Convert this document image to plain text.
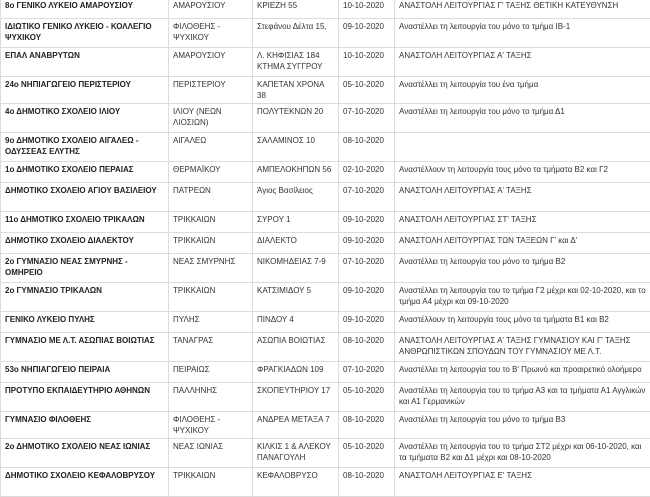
8ο ΓΕΝΙΚΟ ΛΥΚΕΙΟ ΑΜΑΡΟΥΣΙΟΥ	ΑΜΑΡΟΥΣΙΟΥ	ΚΡΙΕΖΗ 55	10-10-2020	ΑΝΑΣΤΟΛΗ ΛΕΙΤΟΥΡΓΙΑΣ Γ' ΤΑΞΗΣ ΘΕΤΙΚΗ ΚΑΤΕΥΘΥΝΣΗ
ΙΔΙΩΤΙΚΟ ΓΕΝΙΚΟ ΛΥΚΕΙΟ - ΚΟΛΛΕΓΙΟ ΨΥΧΙΚΟΥ	ΦΙΛΟΘΕΗΣ - ΨΥΧΙΚΟΥ	Στεφάνου Δέλτα 15,	09-10-2020	Αναστέλλει τη λειτουργία του μόνο το τμήμα ΙΒ-1
ΕΠΑΛ ΑΝΑΒΡΥΤΩΝ	ΑΜΑΡΟΥΣΙΟΥ	Λ. ΚΗΦΙΣΙΑΣ 184 ΚΤΗΜΑ ΣΥΓΓΡΟΥ	10-10-2020	ΑΝΑΣΤΟΛΗ ΛΕΙΤΟΥΡΓΙΑΣ Α' ΤΑΞΗΣ
24ο ΝΗΠΙΑΓΩΓΕΙΟ ΠΕΡΙΣΤΕΡΙΟΥ	ΠΕΡΙΣΤΕΡΙΟΥ	ΚΑΠΕΤΑΝ ΧΡΟΝΑ 38	05-10-2020	Αναστέλλει τη λειτουργία του ένα τμήμα
4ο ΔΗΜΟΤΙΚΟ ΣΧΟΛΕΙΟ ΙΛΙΟΥ	ΙΛΙΟΥ (ΝΕΩΝ ΛΙΟΣΙΩΝ)	ΠΟΛΥΤΕΚΝΩΝ 20	07-10-2020	Αναστέλλει τη λειτουργία του μόνο το τμήμα Δ1
9ο ΔΗΜΟΤΙΚΟ ΣΧΟΛΕΙΟ ΑΙΓΑΛΕΩ - ΟΔΥΣΣΕΑΣ ΕΛΥΤΗΣ	ΑΙΓΑΛΕΩ	ΣΑΛΑΜΙΝΟΣ 10	08-10-2020	
1ο ΔΗΜΟΤΙΚΟ ΣΧΟΛΕΙΟ ΠΕΡΑΙΑΣ	ΘΕΡΜΑΪΚΟΥ	ΑΜΠΕΛΟΚΗΠΩΝ 56	02-10-2020	Αναστέλλουν τη λειτουργία τους μόνο τα τμήματα Β2 και Γ2
ΔΗΜΟΤΙΚΟ ΣΧΟΛΕΙΟ ΑΓΙΟΥ ΒΑΣΙΛΕΙΟΥ	ΠΑΤΡΕΩΝ	Άγιος Βασίλειος	07-10-2020	ΑΝΑΣΤΟΛΗ ΛΕΙΤΟΥΡΓΙΑΣ Α' ΤΑΞΗΣ
11ο ΔΗΜΟΤΙΚΟ ΣΧΟΛΕΙΟ ΤΡΙΚΑΛΩΝ	ΤΡΙΚΚΑΙΩΝ	ΣΥΡΟΥ 1	09-10-2020	ΑΝΑΣΤΟΛΗ ΛΕΙΤΟΥΡΓΙΑΣ ΣΤ' ΤΑΞΗΣ
ΔΗΜΟΤΙΚΟ ΣΧΟΛΕΙΟ ΔΙΑΛΕΚΤΟΥ	ΤΡΙΚΚΑΙΩΝ	ΔΙΑΛΕΚΤΟ	09-10-2020	ΑΝΑΣΤΟΛΗ ΛΕΙΤΟΥΡΓΙΑΣ ΤΩΝ ΤΑΞΕΩΝ Γ' και Δ'
2ο ΓΥΜΝΑΣΙΟ ΝΕΑΣ ΣΜΥΡΝΗΣ - ΟΜΗΡΕΙΟ	ΝΕΑΣ ΣΜΥΡΝΗΣ	ΝΙΚΟΜΗΔΕΙΑΣ 7-9	07-10-2020	Αναστέλλει τη λειτουργία του μόνο το τμήμα Β2
2ο ΓΥΜΝΑΣΙΟ ΤΡΙΚΑΛΩΝ	ΤΡΙΚΚΑΙΩΝ	ΚΑΤΣΙΜΙΔΟΥ 5	09-10-2020	Αναστέλλει τη λειτουργία του το τμήμα Γ2 μέχρι και 02-10-2020, και το τμήμα Α4 μέχρι και 09-10-2020
ΓΕΝΙΚΟ ΛΥΚΕΙΟ ΠΥΛΗΣ	ΠΥΛΗΣ	ΠΙΝΔΟΥ 4	09-10-2020	Αναστέλλουν τη λειτουργία τους μόνο τα τμήματα Β1 και Β2
ΓΥΜΝΑΣΙΟ ΜΕ Λ.Τ. ΑΣΩΠΙΑΣ ΒΟΙΩΤΙΑΣ	ΤΑΝΑΓΡΑΣ	ΑΣΩΠΙΑ ΒΟΙΩΤΙΑΣ	08-10-2020	ΑΝΑΣΤΟΛΗ ΛΕΙΤΟΥΡΓΙΑΣ Α' ΤΑΞΗΣ ΓΥΜΝΑΣΙΟΥ ΚΑΙ Γ' ΤΑΞΗΣ ΑΝΘΡΩΠΙΣΤΙΚΩΝ ΣΠΟΥΔΩΝ ΤΟΥ ΓΥΜΝΑΣΙΟΥ ΜΕ Λ.Τ.
53ο ΝΗΠΙΑΓΩΓΕΙΟ ΠΕΙΡΑΙΑ	ΠΕΙΡΑΙΩΣ	ΦΡΑΓΚΙΑΔΩΝ 109	07-10-2020	Αναστέλλει τη λειτουργία του το Β' Πρωινό και προαιρετικό ολοήμερο
ΠΡΟΤΥΠΟ ΕΚΠΑΙΔΕΥΤΗΡΙΟ ΑΘΗΝΩΝ	ΠΑΛΛΗΝΗΣ	ΣΚΟΠΕΥΤΗΡΙΟΥ 17	05-10-2020	Αναστέλλει τη λειτουργία του το τμήμα Α3 και τα τμήματα Α1 Αγγλικών και Α1 Γερμανικών
ΓΥΜΝΑΣΙΟ ΦΙΛΟΘΕΗΣ	ΦΙΛΟΘΕΗΣ - ΨΥΧΙΚΟΥ	ΑΝΔΡΕΑ ΜΕΤΑΞΑ 7	08-10-2020	Αναστέλλει τη λειτουργία του μόνο το τμήμα Β3
2ο ΔΗΜΟΤΙΚΟ ΣΧΟΛΕΙΟ ΝΕΑΣ ΙΩΝΙΑΣ	ΝΕΑΣ ΙΩΝΙΑΣ	ΚΙΛΚΙΣ 1 & ΑΛΕΚΟΥ ΠΑΝΑΓΟΥΛΗ	05-10-2020	Αναστέλλει τη λειτουργία του το τμήμα ΣΤ2 μέχρι και 06-10-2020, και τα τμήματα Β2 και Δ1 μέχρι και 08-10-2020
ΔΗΜΟΤΙΚΟ ΣΧΟΛΕΙΟ ΚΕΦΑΛΟΒΡΥΣΟΥ	ΤΡΙΚΚΑΙΩΝ	ΚΕΦΑΛΟΒΡΥΣΟ	08-10-2020	ΑΝΑΣΤΟΛΗ ΛΕΙΤΟΥΡΓΙΑΣ Ε' ΤΑΞΗΣ
